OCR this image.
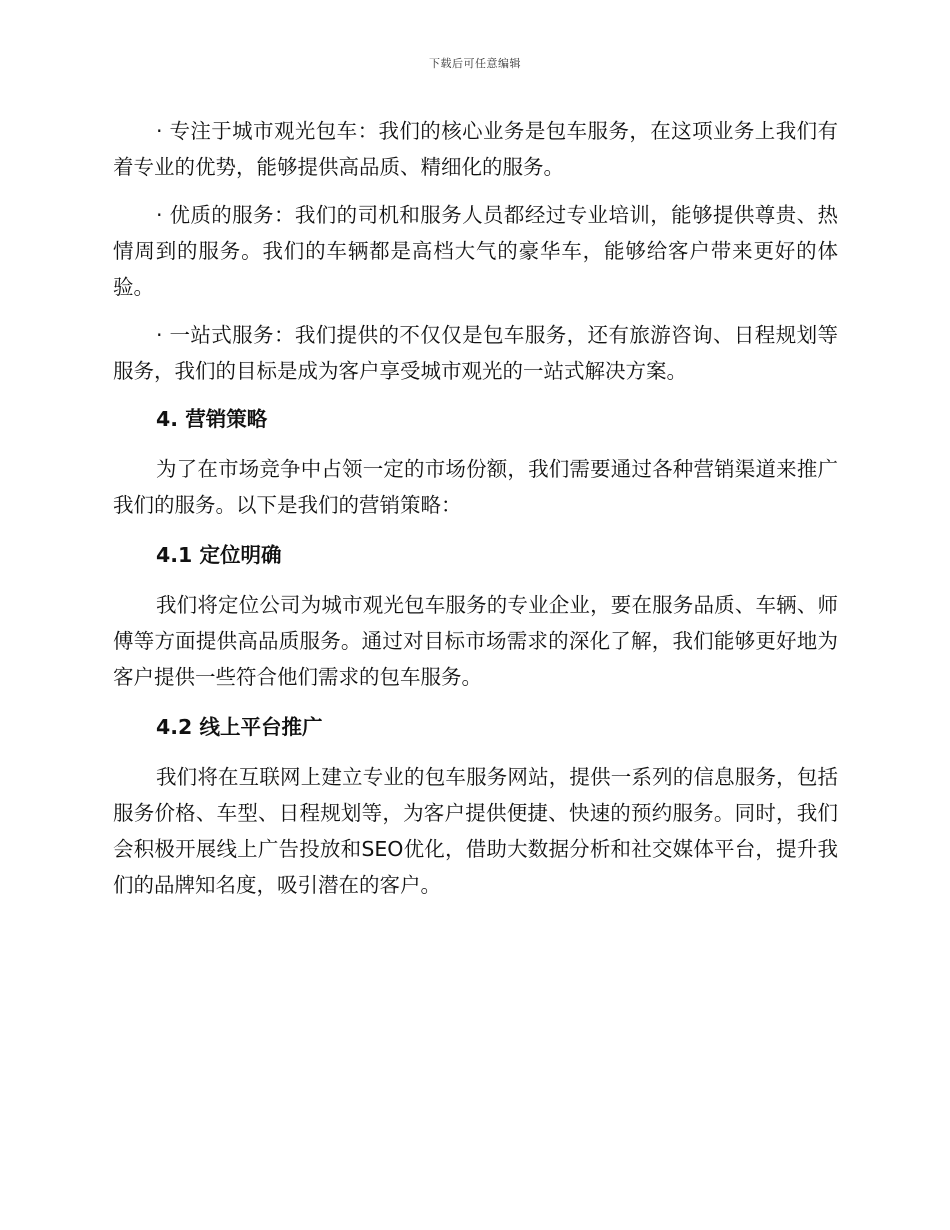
下载后可任意编辑

· 专注于城市观光包车：我们的核心业务是包车服务，在这项业务上我们有着专业的优势，能够提供高品质、精细化的服务。

· 优质的服务：我们的司机和服务人员都经过专业培训，能够提供尊贵、热情周到的服务。我们的车辆都是高档大气的豪华车，能够给客户带来更好的体验。

· 一站式服务：我们提供的不仅仅是包车服务，还有旅游咨询、日程规划等服务，我们的目标是成为客户享受城市观光的一站式解决方案。

4. 营销策略

为了在市场竞争中占领一定的市场份额，我们需要通过各种营销渠道来推广我们的服务。以下是我们的营销策略：

4.1 定位明确

我们将定位公司为城市观光包车服务的专业企业，要在服务品质、车辆、师傅等方面提供高品质服务。通过对目标市场需求的深化了解，我们能够更好地为客户提供一些符合他们需求的包车服务。

4.2 线上平台推广

我们将在互联网上建立专业的包车服务网站，提供一系列的信息服务，包括服务价格、车型、日程规划等，为客户提供便捷、快速的预约服务。同时，我们会积极开展线上广告投放和SEO优化，借助大数据分析和社交媒体平台，提升我们的品牌知名度，吸引潜在的客户。
